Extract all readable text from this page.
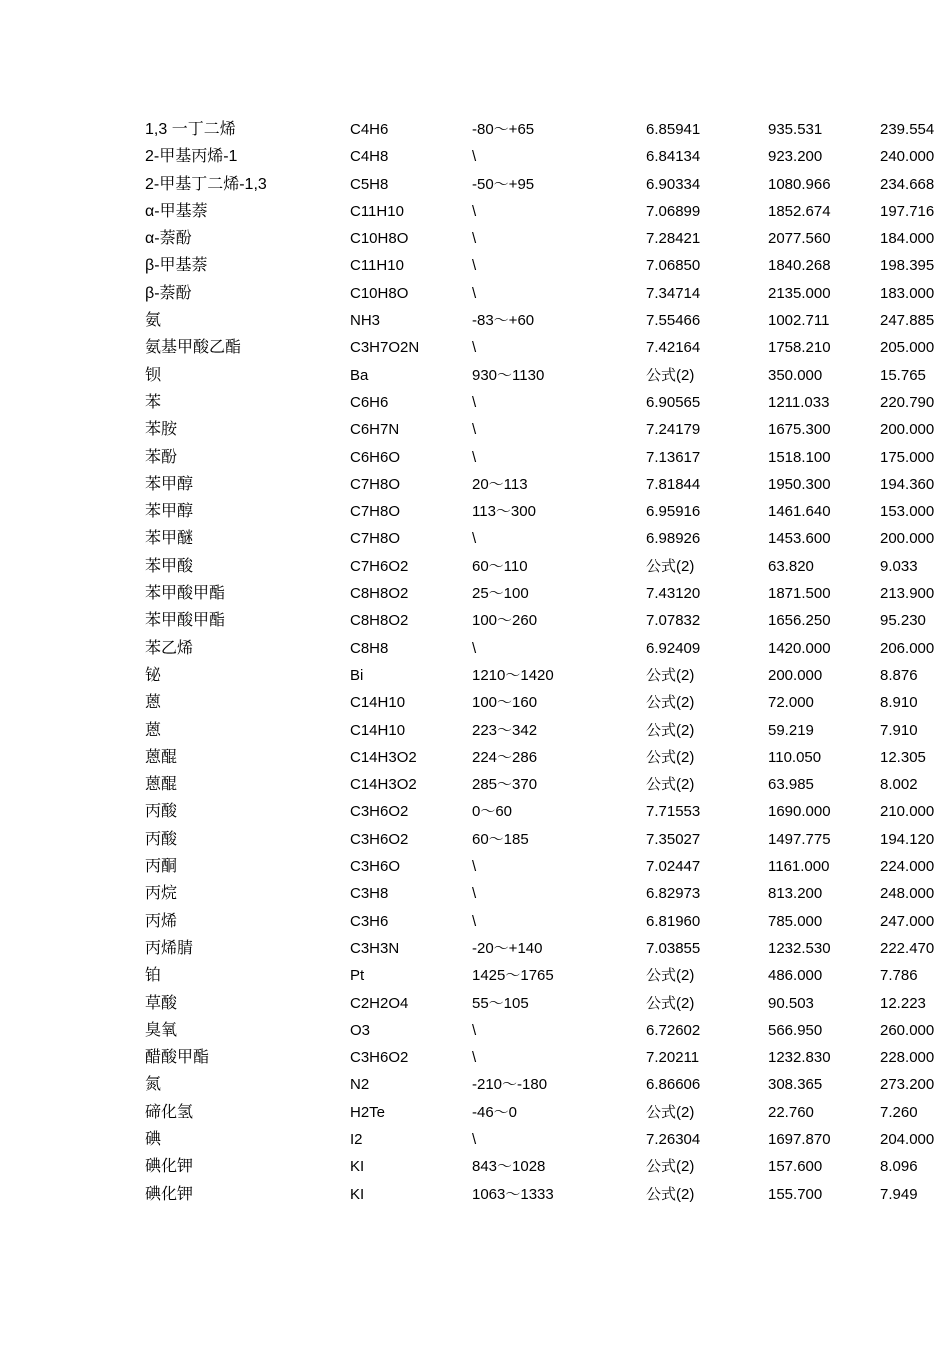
1,3 一丁二烯	C4H6	-80～+65	6.85941	935.531	239.554
2-甲基丙烯-1	C4H8	\	6.84134	923.200	240.000
2-甲基丁二烯-1,3	C5H8	-50～+95	6.90334	1080.966	234.668
α-甲基萘	C11H10	\	7.06899	1852.674	197.716
α-萘酚	C10H8O	\	7.28421	2077.560	184.000
β-甲基萘	C11H10	\	7.06850	1840.268	198.395
β-萘酚	C10H8O	\	7.34714	2135.000	183.000
氨	NH3	-83～+60	7.55466	1002.711	247.885
氨基甲酸乙酯	C3H7O2N	\	7.42164	1758.210	205.000
钡	Ba	930～1130	公式(2)	350.000	15.765
苯	C6H6	\	6.90565	1211.033	220.790
苯胺	C6H7N	\	7.24179	1675.300	200.000
苯酚	C6H6O	\	7.13617	1518.100	175.000
苯甲醇	C7H8O	20～113	7.81844	1950.300	194.360
苯甲醇	C7H8O	113～300	6.95916	1461.640	153.000
苯甲醚	C7H8O	\	6.98926	1453.600	200.000
苯甲酸	C7H6O2	60～110	公式(2)	63.820	9.033
苯甲酸甲酯	C8H8O2	25～100	7.43120	1871.500	213.900
苯甲酸甲酯	C8H8O2	100～260	7.07832	1656.250	95.230
苯乙烯	C8H8	\	6.92409	1420.000	206.000
铋	Bi	1210～1420	公式(2)	200.000	8.876
蒽	C14H10	100～160	公式(2)	72.000	8.910
蒽	C14H10	223～342	公式(2)	59.219	7.910
蒽醌	C14H3O2	224～286	公式(2)	110.050	12.305
蒽醌	C14H3O2	285～370	公式(2)	63.985	8.002
丙酸	C3H6O2	0～60	7.71553	1690.000	210.000
丙酸	C3H6O2	60～185	7.35027	1497.775	194.120
丙酮	C3H6O	\	7.02447	1161.000	224.000
丙烷	C3H8	\	6.82973	813.200	248.000
丙烯	C3H6	\	6.81960	785.000	247.000
丙烯腈	C3H3N	-20～+140	7.03855	1232.530	222.470
铂	Pt	1425～1765	公式(2)	486.000	7.786
草酸	C2H2O4	55～105	公式(2)	90.503	12.223
臭氧	O3	\	6.72602	566.950	260.000
醋酸甲酯	C3H6O2	\	7.20211	1232.830	228.000
氮	N2	-210～-180	6.86606	308.365	273.200
碲化氢	H2Te	-46～0	公式(2)	22.760	7.260
碘	I2	\	7.26304	1697.870	204.000
碘化钾	KI	843～1028	公式(2)	157.600	8.096
碘化钾	KI	1063～1333	公式(2)	155.700	7.949
